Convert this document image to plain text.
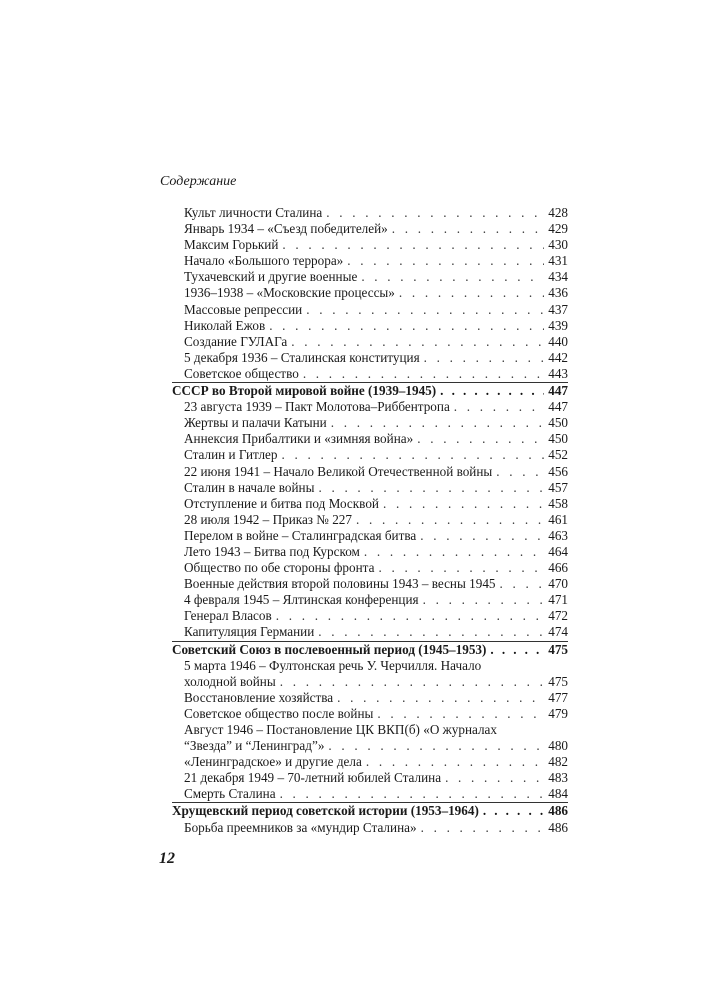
Содержание
Культ личности Сталина . . .	428
Январь 1934 – «Съезд победителей» . . .	429
Максим Горький . . .	430
Начало «Большого террора» . . .	431
Тухачевский и другие военные . . .	434
1936–1938 – «Московские процессы» . . .	436
Массовые репрессии . . .	437
Николай Ежов . . .	439
Создание ГУЛАГа . . .	440
5 декабря 1936 – Сталинская конституция . . .	442
Советское общество . . .	443
СССР во Второй мировой войне (1939–1945) . . .	447
23 августа 1939 – Пакт Молотова–Риббентропа . . .	447
Жертвы и палачи Катыни . . .	450
Аннексия Прибалтики и «зимняя война» . . .	450
Сталин и Гитлер . . .	452
22 июня 1941 – Начало Великой Отечественной войны . . .	456
Сталин в начале войны . . .	457
Отступление и битва под Москвой . . .	458
28 июля 1942 – Приказ № 227 . . .	461
Перелом в войне – Сталинградская битва . . .	463
Лето 1943 – Битва под Курском . . .	464
Общество по обе стороны фронта . . .	466
Военные действия второй половины 1943 – весны 1945 . . .	470
4 февраля 1945 – Ялтинская конференция . . .	471
Генерал Власов . . .	472
Капитуляция Германии . . .	474
Советский Союз в послевоенный период (1945–1953) . . .	475
5 марта 1946 – Фултонская речь У. Черчилля. Начало
холодной войны . . .	475
Восстановление хозяйства . . .	477
Советское общество после войны . . .	479
Август 1946 – Постановление ЦК ВКП(б) «О журналах
“Звезда” и “Ленинград”» . . .	480
«Ленинградское» и другие дела . . .	482
21 декабря 1949 – 70-летний юбилей Сталина . . .	483
Смерть Сталина . . .	484
Хрущевский период советской истории (1953–1964) . . .	486
Борьба преемников за «мундир Сталина» . . .	486
12
